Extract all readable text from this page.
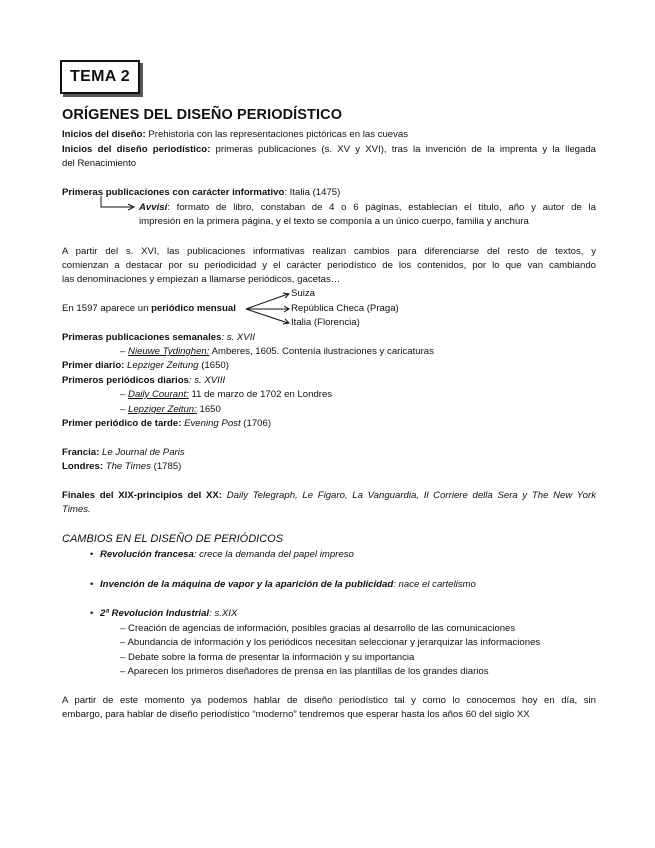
TEMA 2
ORÍGENES DEL DISEÑO PERIODÍSTICO
Inicios del diseño: Prehistoria con las representaciones pictóricas en las cuevas
Inicios del diseño periodístico: primeras publicaciones (s. XV y XVI), tras la invención de la imprenta y la llegada
del Renacimiento
Primeras publicaciones con carácter informativo: Italia (1475)
Avvisi: formato de libro, constaban de 4 o 6 páginas, establecían el título, año y autor de la
impresión en la primera página, y el texto se componía a un único cuerpo, familia y anchura
A partir del s. XVI, las publicaciones informativas realizan cambios para diferenciarse del resto de textos, y
comienzan a destacar por su periodicidad y el carácter periodístico de los contenidos, por lo que van cambiando
las denominaciones y empiezan a llamarse periódicos, gacetas…
Suiza
En 1597 aparece un periódico mensual	República Checa (Praga)
Italia (Florencia)
Primeras publicaciones semanales: s. XVII
– Nieuwe Tydinghen: Amberes, 1605. Contenía ilustraciones y caricaturas
Primer diario: Lepziger Zeitung (1650)
Primeros periódicos diarios: s. XVIII
– Daily Courant: 11 de marzo de 1702 en Londres
– Lepziger Zeitun: 1650
Primer periódico de tarde: Evening Post (1706)
Francia: Le Journal de Paris
Londres: The Times (1785)
Finales del XIX-principios del XX: Daily Telegraph, Le Figaro, La Vanguardia, Il Corriere della Sera y The New York
Times.
CAMBIOS EN EL DISEÑO DE PERIÓDICOS
• Revolución francesa: crece la demanda del papel impreso
• Invención de la máquina de vapor y la aparición de la publicidad: nace el cartelismo
• 2ª Revolución Industrial: s.XIX
– Creación de agencias de información, posibles gracias al desarrollo de las comunicaciones
– Abundancia de información y los periódicos necesitan seleccionar y jerarquizar las informaciones
– Debate sobre la forma de presentar la información y su importancia
– Aparecen los primeros diseñadores de prensa en las plantillas de los grandes diarios
A partir de este momento ya podemos hablar de diseño periodístico tal y como lo conocemos hoy en día, sin
embargo, para hablar de diseño periodístico “moderno” tendremos que esperar hasta los años 60 del siglo XX
